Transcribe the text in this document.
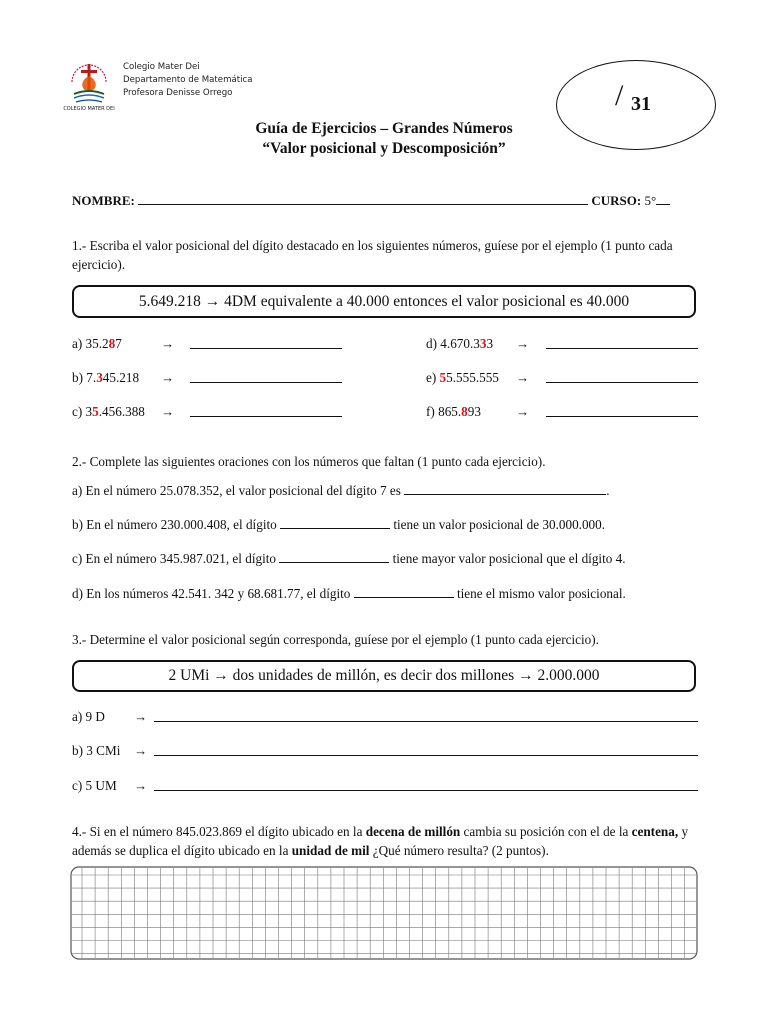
COLEGIO MATER DEI
Colegio Mater Dei
Departamento de Matemática
Profesora Denisse Orrego	/ 31
Guía de Ejercicios – Grandes Números
“Valor posicional y Descomposición”
NOMBRE:	CURSO: 5°
1.- Escriba el valor posicional del dígito destacado en los siguientes números, guíese por el ejemplo (1 punto cada ejercicio).
5.649.218 → 4DM equivalente a 40.000 entonces el valor posicional es 40.000
a) 35.287	→
b) 7.345.218 →
c) 35.456.388 →
d) 4.670.333 →
e) 55.555.555 →
f) 865.893	→
2.- Complete las siguientes oraciones con los números que faltan (1 punto cada ejercicio).
a) En el número 25.078.352, el valor posicional del dígito 7 es	.
b) En el número 230.000.408, el dígito	tiene un valor posicional de 30.000.000.
c) En el número 345.987.021, el dígito	tiene mayor valor posicional que el dígito 4.
d) En los números 42.541. 342 y 68.681.77, el dígito	tiene el mismo valor posicional.
3.- Determine el valor posicional según corresponda, guíese por el ejemplo (1 punto cada ejercicio).
2 UMi → dos unidades de millón, es decir dos millones → 2.000.000
a) 9 D →
b) 3 CMi →
c) 5 UM →
4.- Si en el número 845.023.869 el dígito ubicado en la decena de millón cambia su posición con el de la centena, y además se duplica el dígito ubicado en la unidad de mil ¿Qué número resulta? (2 puntos).
